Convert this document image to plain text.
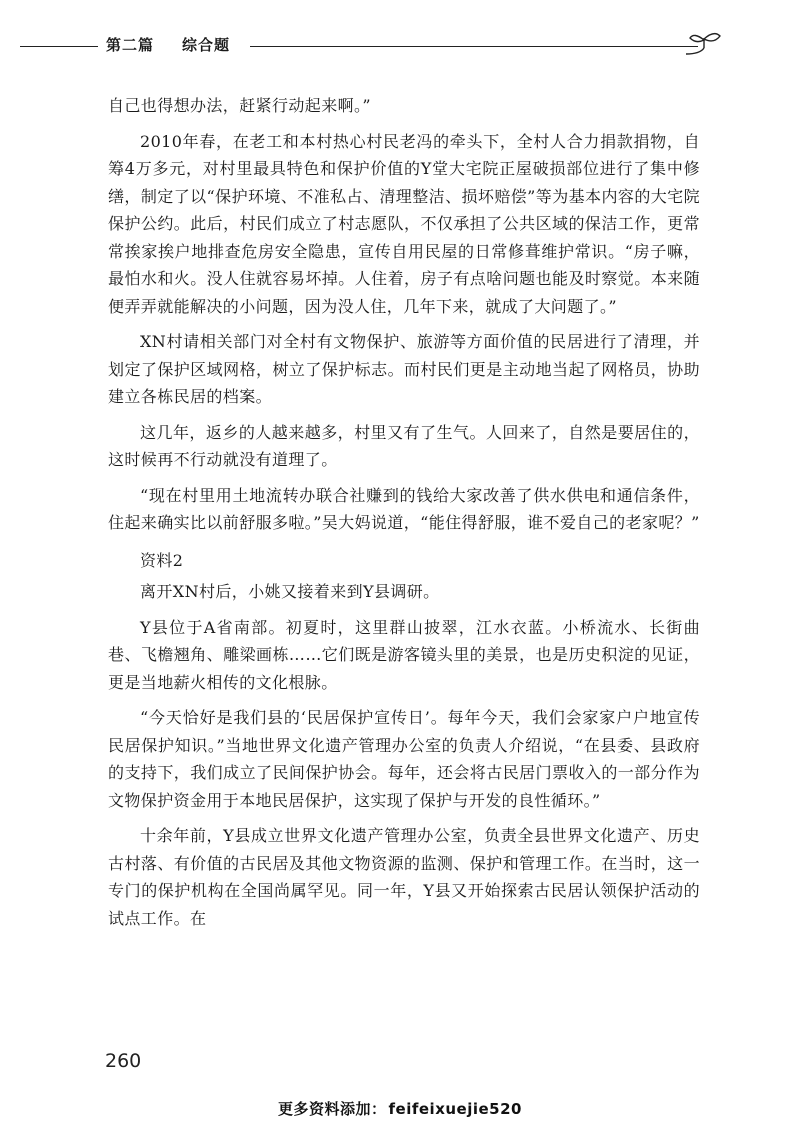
第二篇 综合题

自己也得想办法，赶紧行动起来啊。”

2010年春，在老工和本村热心村民老冯的牵头下，全村人合力捐款捐物，自筹4万多元，对村里最具特色和保护价值的Y堂大宅院正屋破损部位进行了集中修缮，制定了以“保护环境、不准私占、清理整洁、损坏赔偿”等为基本内容的大宅院保护公约。此后，村民们成立了村志愿队，不仅承担了公共区域的保洁工作，更常常挨家挨户地排查危房安全隐患，宣传自用民屋的日常修葺维护常识。“房子嘛，最怕水和火。没人住就容易坏掉。人住着，房子有点啥问题也能及时察觉。本来随便弄弄就能解决的小问题，因为没人住，几年下来，就成了大问题了。”

XN村请相关部门对全村有文物保护、旅游等方面价值的民居进行了清理，并划定了保护区域网格，树立了保护标志。而村民们更是主动地当起了网格员，协助建立各栋民居的档案。

这几年，返乡的人越来越多，村里又有了生气。人回来了，自然是要居住的，这时候再不行动就没有道理了。

“现在村里用土地流转办联合社赚到的钱给大家改善了供水供电和通信条件，住起来确实比以前舒服多啦。”吴大妈说道，“能住得舒服，谁不爱自己的老家呢？”

资料2

离开XN村后，小姚又接着来到Y县调研。

Y县位于A省南部。初夏时，这里群山披翠，江水衣蓝。小桥流水、长街曲巷、飞檐翘角、雕梁画栋……它们既是游客镜头里的美景，也是历史积淀的见证，更是当地薪火相传的文化根脉。

“今天恰好是我们县的‘民居保护宣传日’。每年今天，我们会家家户户地宣传民居保护知识。”当地世界文化遗产管理办公室的负责人介绍说，“在县委、县政府的支持下，我们成立了民间保护协会。每年，还会将古民居门票收入的一部分作为文物保护资金用于本地民居保护，这实现了保护与开发的良性循环。”

十余年前，Y县成立世界文化遗产管理办公室，负责全县世界文化遗产、历史古村落、有价值的古民居及其他文物资源的监测、保护和管理工作。在当时，这一专门的保护机构在全国尚属罕见。同一年，Y县又开始探索古民居认领保护活动的试点工作。在

260
更多资料添加： feifeixuejie520
